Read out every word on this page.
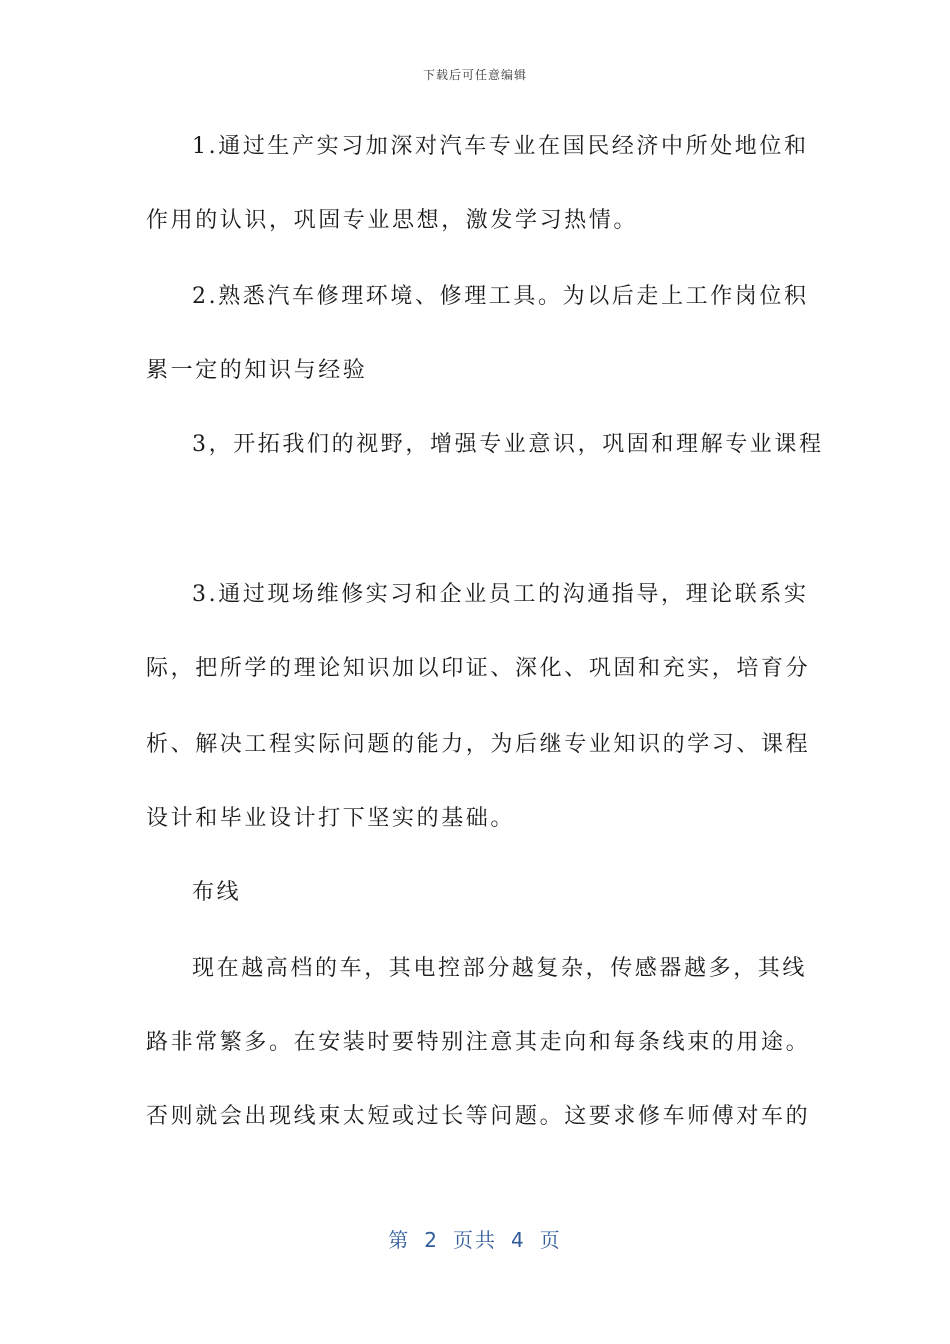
下载后可任意编辑
1.通过生产实习加深对汽车专业在国民经济中所处地位和
作用的认识，巩固专业思想，激发学习热情。
2.熟悉汽车修理环境、修理工具。为以后走上工作岗位积
累一定的知识与经验
3，开拓我们的视野，增强专业意识，巩固和理解专业课程
3.通过现场维修实习和企业员工的沟通指导，理论联系实
际，把所学的理论知识加以印证、深化、巩固和充实，培育分
析、解决工程实际问题的能力，为后继专业知识的学习、课程
设计和毕业设计打下坚实的基础。
布线
现在越高档的车，其电控部分越复杂，传感器越多，其线
路非常繁多。在安装时要特别注意其走向和每条线束的用途。
否则就会出现线束太短或过长等问题。这要求修车师傅对车的
第 2 页共 4 页
